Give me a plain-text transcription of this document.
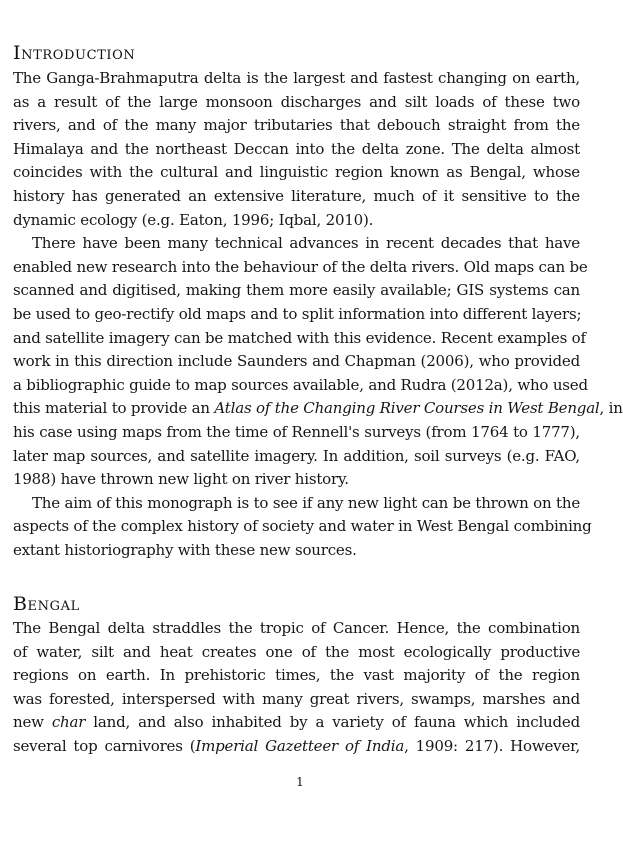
Introduction
The Ganga-Brahmaputra delta is the largest and fastest changing on earth,
as a result of the large monsoon discharges and silt loads of these two
rivers, and of the many major tributaries that debouch straight from the
Himalaya and the northeast Deccan into the delta zone. The delta almost
coincides with the cultural and linguistic region known as Bengal, whose
history has generated an extensive literature, much of it sensitive to the
dynamic ecology (e.g. Eaton, 1996; Iqbal, 2010).
There have been many technical advances in recent decades that have
enabled new research into the behaviour of the delta rivers. Old maps can be
scanned and digitised, making them more easily available; GIS systems can
be used to geo-rectify old maps and to split information into different layers;
and satellite imagery can be matched with this evidence. Recent examples of
work in this direction include Saunders and Chapman (2006), who provided
a bibliographic guide to map sources available, and Rudra (2012a), who used
this material to provide an Atlas of the Changing River Courses in West Bengal, in
his case using maps from the time of Rennell's surveys (from 1764 to 1777),
later map sources, and satellite imagery. In addition, soil surveys (e.g. FAO,
1988) have thrown new light on river history.
The aim of this monograph is to see if any new light can be thrown on the
aspects of the complex history of society and water in West Bengal combining
extant historiography with these new sources.
Bengal
The Bengal delta straddles the tropic of Cancer. Hence, the combination
of water, silt and heat creates one of the most ecologically productive
regions on earth. In prehistoric times, the vast majority of the region
was forested, interspersed with many great rivers, swamps, marshes and
new char land, and also inhabited by a variety of fauna which included
several top carnivores (Imperial Gazetteer of India, 1909: 217). However,
1
